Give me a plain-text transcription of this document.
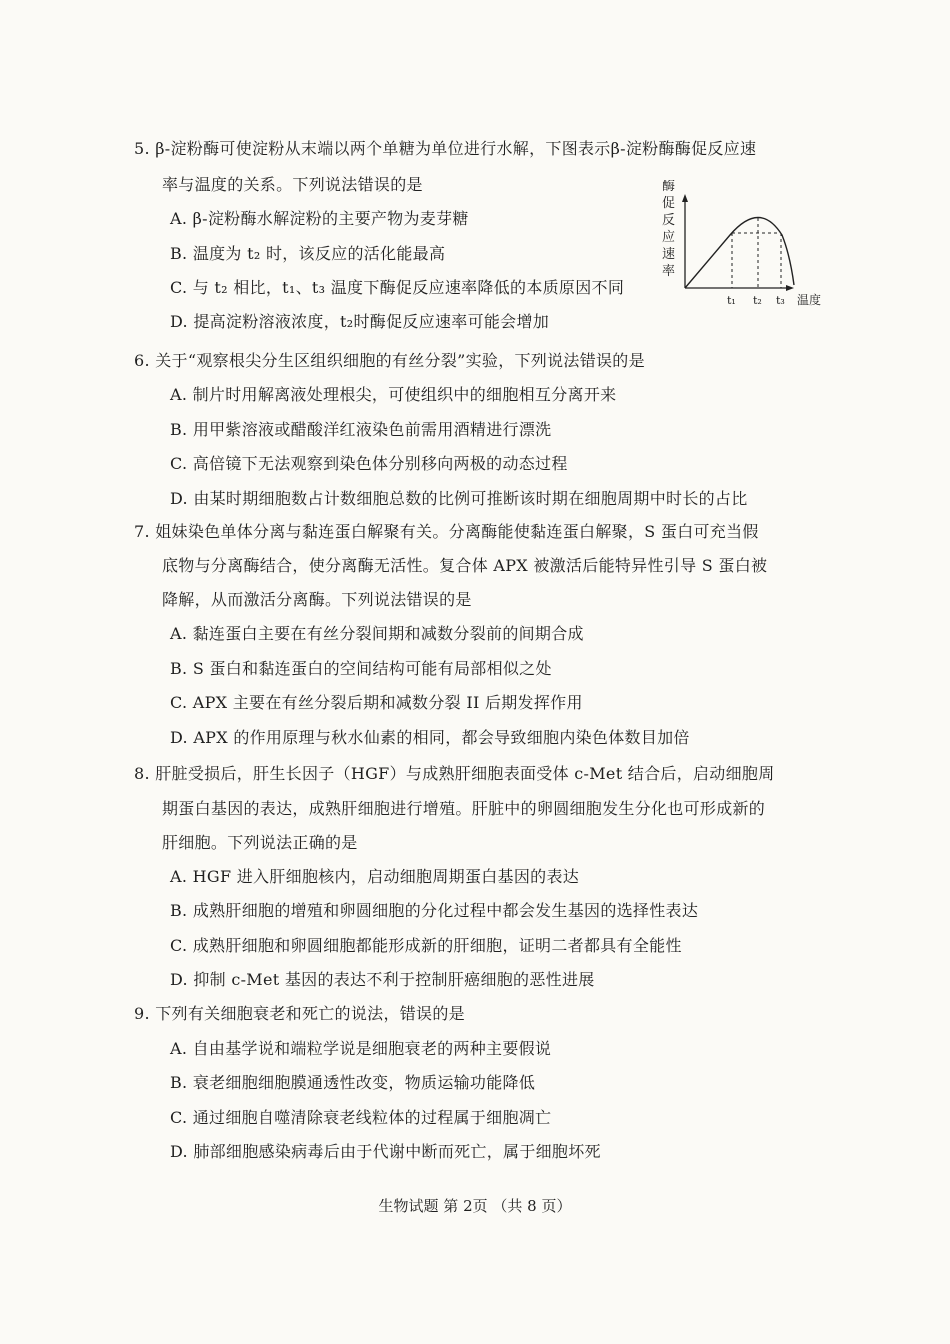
5. β-淀粉酶可使淀粉从末端以两个单糖为单位进行水解，下图表示β-淀粉酶酶促反应速
率与温度的关系。下列说法错误的是
A. β-淀粉酶水解淀粉的主要产物为麦芽糖
B. 温度为 t₂ 时，该反应的活化能最高
C. 与 t₂ 相比，t₁、t₃ 温度下酶促反应速率降低的本质原因不同
D. 提高淀粉溶液浓度，t₂时酶促反应速率可能会增加
酶
促
反
应
速
率
t₁ t₂ t₃ 温度
6. 关于“观察根尖分生区组织细胞的有丝分裂”实验，下列说法错误的是
A. 制片时用解离液处理根尖，可使组织中的细胞相互分离开来
B. 用甲紫溶液或醋酸洋红液染色前需用酒精进行漂洗
C. 高倍镜下无法观察到染色体分别移向两极的动态过程
D. 由某时期细胞数占计数细胞总数的比例可推断该时期在细胞周期中时长的占比
7. 姐妹染色单体分离与黏连蛋白解聚有关。分离酶能使黏连蛋白解聚，S 蛋白可充当假
底物与分离酶结合，使分离酶无活性。复合体 APX 被激活后能特异性引导 S 蛋白被
降解，从而激活分离酶。下列说法错误的是
A. 黏连蛋白主要在有丝分裂间期和减数分裂前的间期合成
B. S 蛋白和黏连蛋白的空间结构可能有局部相似之处
C. APX 主要在有丝分裂后期和减数分裂 II 后期发挥作用
D. APX 的作用原理与秋水仙素的相同，都会导致细胞内染色体数目加倍
8. 肝脏受损后，肝生长因子（HGF）与成熟肝细胞表面受体 c-Met 结合后，启动细胞周
期蛋白基因的表达，成熟肝细胞进行增殖。肝脏中的卵圆细胞发生分化也可形成新的
肝细胞。下列说法正确的是
A. HGF 进入肝细胞核内，启动细胞周期蛋白基因的表达
B. 成熟肝细胞的增殖和卵圆细胞的分化过程中都会发生基因的选择性表达
C. 成熟肝细胞和卵圆细胞都能形成新的肝细胞，证明二者都具有全能性
D. 抑制 c-Met 基因的表达不利于控制肝癌细胞的恶性进展
9. 下列有关细胞衰老和死亡的说法，错误的是
A. 自由基学说和端粒学说是细胞衰老的两种主要假说
B. 衰老细胞细胞膜通透性改变，物质运输功能降低
C. 通过细胞自噬清除衰老线粒体的过程属于细胞凋亡
D. 肺部细胞感染病毒后由于代谢中断而死亡，属于细胞坏死
生物试题 第 2页 （共 8 页）
